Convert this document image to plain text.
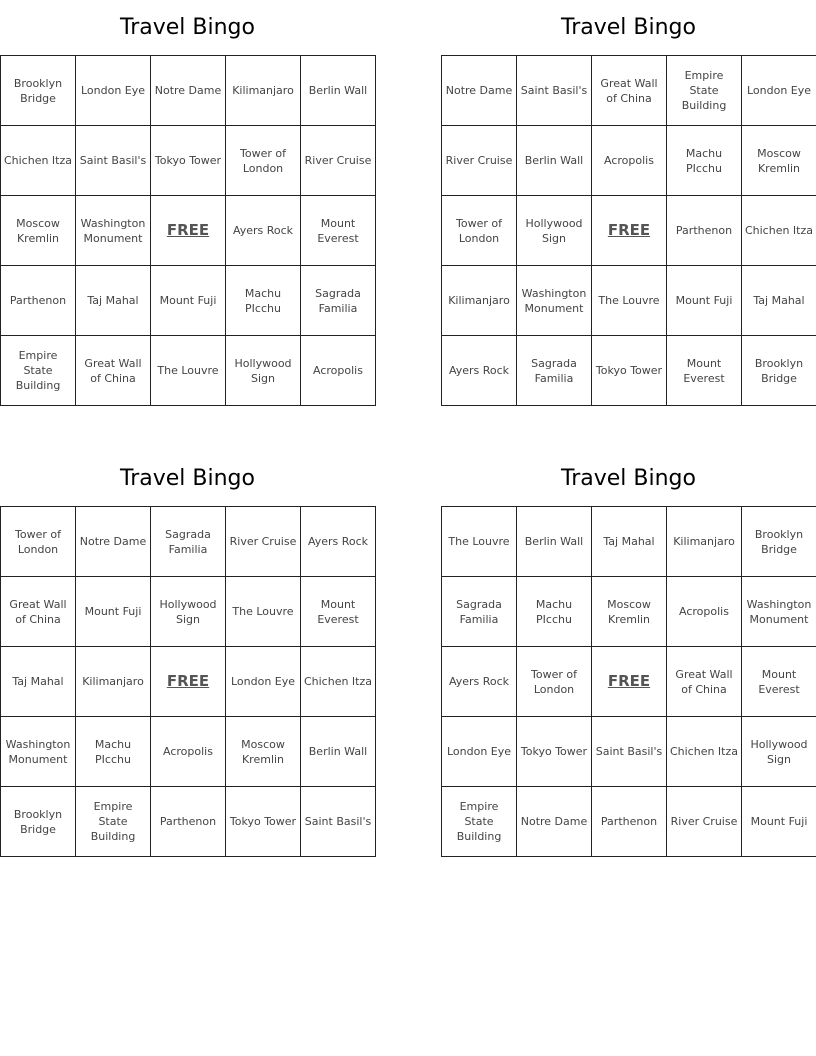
Travel Bingo
Brooklyn Bridge	London Eye	Notre Dame	Kilimanjaro	Berlin Wall
Chichen Itza	Saint Basil's	Tokyo Tower	Tower of London	River Cruise
Moscow Kremlin	Washington Monument	FREE	Ayers Rock	Mount Everest
Parthenon	Taj Mahal	Mount Fuji	Machu PIcchu	Sagrada Familia
Empire State Building	Great Wall of China	The Louvre	Hollywood Sign	Acropolis
Travel Bingo
Notre Dame	Saint Basil's	Great Wall of China	Empire State Building	London Eye
River Cruise	Berlin Wall	Acropolis	Machu PIcchu	Moscow Kremlin
Tower of London	Hollywood Sign	FREE	Parthenon	Chichen Itza
Kilimanjaro	Washington Monument	The Louvre	Mount Fuji	Taj Mahal
Ayers Rock	Sagrada Familia	Tokyo Tower	Mount Everest	Brooklyn Bridge
Travel Bingo
Tower of London	Notre Dame	Sagrada Familia	River Cruise	Ayers Rock
Great Wall of China	Mount Fuji	Hollywood Sign	The Louvre	Mount Everest
Taj Mahal	Kilimanjaro	FREE	London Eye	Chichen Itza
Washington Monument	Machu PIcchu	Acropolis	Moscow Kremlin	Berlin Wall
Brooklyn Bridge	Empire State Building	Parthenon	Tokyo Tower	Saint Basil's
Travel Bingo
The Louvre	Berlin Wall	Taj Mahal	Kilimanjaro	Brooklyn Bridge
Sagrada Familia	Machu PIcchu	Moscow Kremlin	Acropolis	Washington Monument
Ayers Rock	Tower of London	FREE	Great Wall of China	Mount Everest
London Eye	Tokyo Tower	Saint Basil's	Chichen Itza	Hollywood Sign
Empire State Building	Notre Dame	Parthenon	River Cruise	Mount Fuji
